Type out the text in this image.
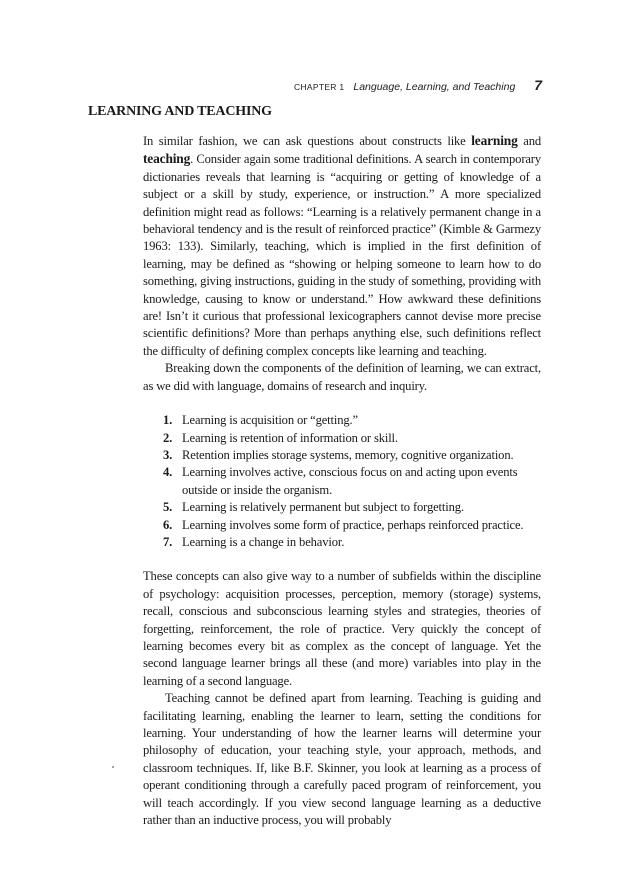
CHAPTER 1 Language, Learning, and Teaching 7
LEARNING AND TEACHING

In similar fashion, we can ask questions about constructs like learning and teaching. Consider again some traditional definitions. A search in contemporary dictionaries reveals that learning is “acquiring or getting of knowledge of a subject or a skill by study, experience, or instruction.” A more specialized definition might read as follows: “Learning is a relatively permanent change in a behavioral tendency and is the result of reinforced practice” (Kimble & Garmezy 1963: 133). Similarly, teaching, which is implied in the first definition of learning, may be defined as “showing or helping someone to learn how to do something, giving instructions, guiding in the study of something, providing with knowledge, causing to know or understand.” How awkward these definitions are! Isn’t it curious that professional lexicographers cannot devise more precise scientific definitions? More than perhaps anything else, such definitions reflect the difficulty of defining complex concepts like learning and teaching.

Breaking down the components of the definition of learning, we can extract, as we did with language, domains of research and inquiry.

1. Learning is acquisition or “getting.”
2. Learning is retention of information or skill.
3. Retention implies storage systems, memory, cognitive organization.
4. Learning involves active, conscious focus on and acting upon events outside or inside the organism.
5. Learning is relatively permanent but subject to forgetting.
6. Learning involves some form of practice, perhaps reinforced practice.
7. Learning is a change in behavior.

These concepts can also give way to a number of subfields within the discipline of psychology: acquisition processes, perception, memory (storage) systems, recall, conscious and subconscious learning styles and strategies, theories of forgetting, reinforcement, the role of practice. Very quickly the concept of learning becomes every bit as complex as the concept of language. Yet the second language learner brings all these (and more) variables into play in the learning of a second language.

Teaching cannot be defined apart from learning. Teaching is guiding and facilitating learning, enabling the learner to learn, setting the conditions for learning. Your understanding of how the learner learns will determine your philosophy of education, your teaching style, your approach, methods, and classroom techniques. If, like B.F. Skinner, you look at learning as a process of operant conditioning through a carefully paced program of reinforcement, you will teach accordingly. If you view second language learning as a deductive rather than an inductive process, you will probably
